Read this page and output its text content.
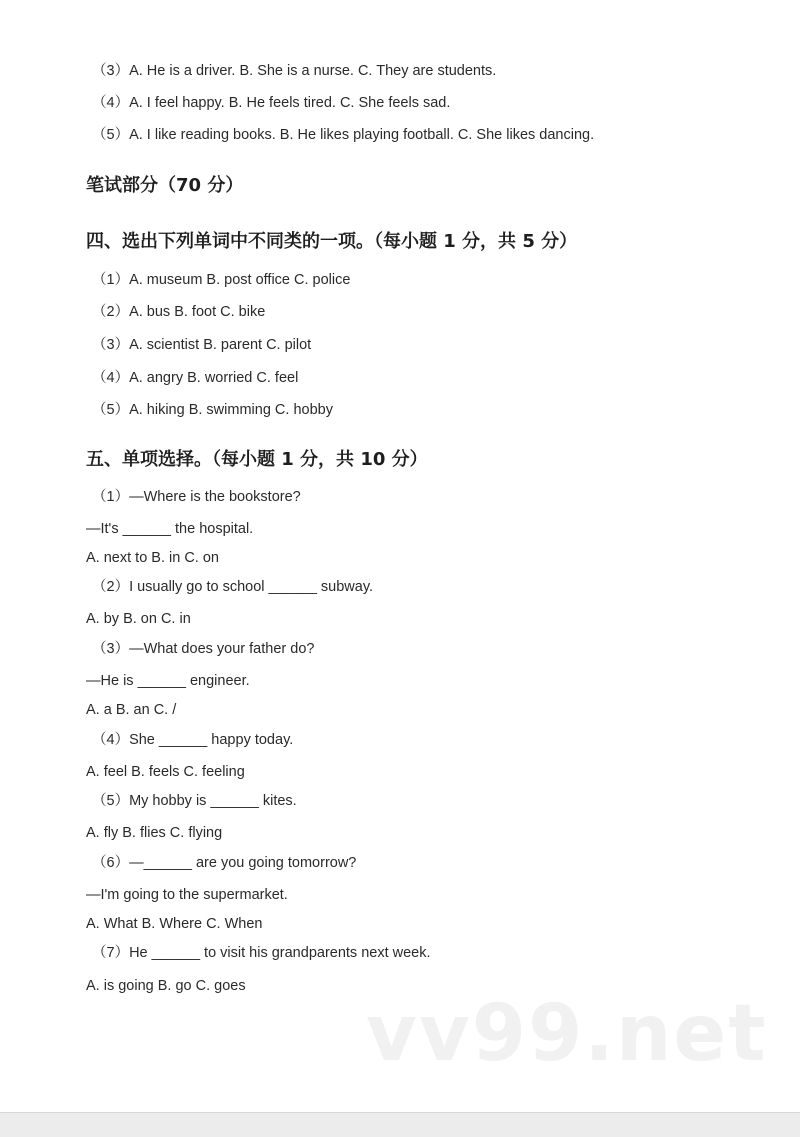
（3）A. He is a driver. B. She is a nurse. C. They are students.
（4）A. I feel happy. B. He feels tired. C. She feels sad.
（5）A. I like reading books. B. He likes playing football. C. She likes dancing.
笔试部分（70 分）
四、选出下列单词中不同类的一项。（每小题 1 分，共 5 分）
（1）A. museum B. post office C. police
（2）A. bus B. foot C. bike
（3）A. scientist B. parent C. pilot
（4）A. angry B. worried C. feel
（5）A. hiking B. swimming C. hobby
五、单项选择。（每小题 1 分，共 10 分）
（1）—Where is the bookstore?
—It's ______ the hospital.
A. next to B. in C. on
（2）I usually go to school ______ subway.
A. by B. on C. in
（3）—What does your father do?
—He is ______ engineer.
A. a B. an C. /
（4）She ______ happy today.
A. feel B. feels C. feeling
（5）My hobby is ______ kites.
A. fly B. flies C. flying
（6）—______ are you going tomorrow?
—I'm going to the supermarket.
A. What B. Where C. When
（7）He ______ to visit his grandparents next week.
A. is going B. go C. goes
vv99.net
